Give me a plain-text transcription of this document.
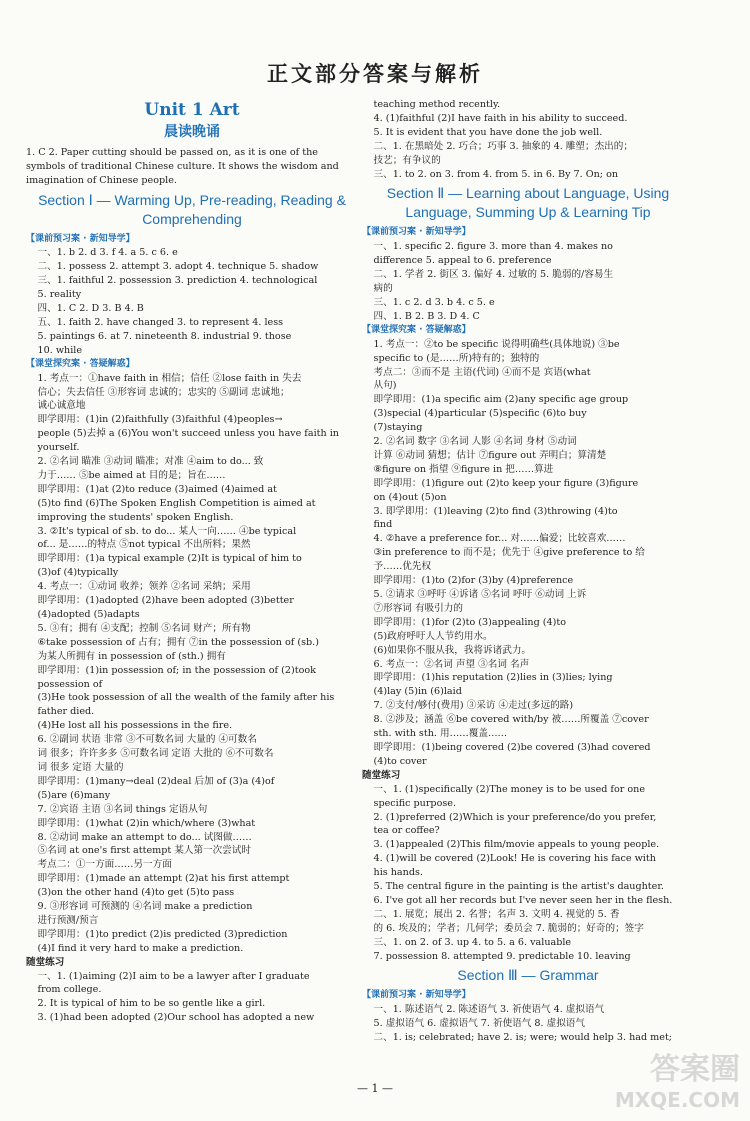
正文部分答案与解析
Unit 1 Art
晨读晚诵

1. C 2. Paper cutting should be passed on, as it is one of the symbols of traditional Chinese culture. It shows the wisdom and imagination of Chinese people.

Section Ⅰ — Warming Up, Pre-reading, Reading & Comprehending
【课前预习案 · 新知导学】

一、1. b 2. d 3. f 4. a 5. c 6. e

二、1. possess 2. attempt 3. adopt 4. technique 5. shadow

三、1. faithful 2. possession 3. prediction 4. technological

5. reality

四、1. C 2. D 3. B 4. B

五、1. faith 2. have changed 3. to represent 4. less

5. paintings 6. at 7. nineteenth 8. industrial 9. those

10. while

【课堂探究案 · 答疑解惑】

1. 考点一：①have faith in 相信；信任 ②lose faith in 失去

信心；失去信任 ③形容词 忠诚的；忠实的 ⑤副词 忠诚地；

诚心诚意地

即学即用：(1)in (2)faithfully (3)faithful (4)peoples→

people (5)去掉 a (6)You won't succeed unless you have faith in

yourself.

2. ②名词 瞄准 ③动词 瞄准；对准 ④aim to do... 致

力于…… ⑤be aimed at 目的是；旨在……

即学即用：(1)at (2)to reduce (3)aimed (4)aimed at

(5)to find (6)The Spoken English Competition is aimed at

improving the students' spoken English.

3. ②It's typical of sb. to do... 某人一向…… ④be typical

of... 是……的特点 ⑤not typical 不出所料；果然

即学即用：(1)a typical example (2)It is typical of him to

(3)of (4)typically

4. 考点一：①动词 收养；领养 ②名词 采纳；采用

即学即用：(1)adopted (2)have been adopted (3)better

(4)adopted (5)adapts

5. ③有；拥有 ④支配；控制 ⑤名词 财产；所有物

⑥take possession of 占有；拥有 ⑦in the possession of (sb.)

为某人所拥有 in possession of (sth.) 拥有

即学即用：(1)in possession of; in the possession of (2)took

possession of

(3)He took possession of all the wealth of the family after his

father died.

(4)He lost all his possessions in the fire.

6. ②副词 状语 非常 ③不可数名词 大量的 ④可数名

词 很多；许许多多 ⑤可数名词 定语 大批的 ⑥不可数名

词 很多 定语 大量的

即学即用：(1)many→deal (2)deal 后加 of (3)a (4)of

(5)are (6)many

7. ②宾语 主语 ③名词 things 定语从句

即学即用：(1)what (2)in which/where (3)what

8. ②动词 make an attempt to do... 试图做……

⑤名词 at one's first attempt 某人第一次尝试时

考点二：①一方面……另一方面

即学即用：(1)made an attempt (2)at his first attempt

(3)on the other hand (4)to get (5)to pass

9. ③形容词 可预测的 ④名词 make a prediction

进行预测/预言

即学即用：(1)to predict (2)is predicted (3)prediction

(4)I find it very hard to make a prediction.

随堂练习

一、1. (1)aiming (2)I aim to be a lawyer after I graduate

from college.

2. It is typical of him to be so gentle like a girl.

3. (1)had been adopted (2)Our school has adopted a new

teaching method recently.

4. (1)faithful (2)I have faith in his ability to succeed.

5. It is evident that you have done the job well.

二、1. 在黑暗处 2. 巧合；巧事 3. 抽象的 4. 雕塑；杰出的；

技艺；有争议的

三、1. to 2. on 3. from 4. from 5. in 6. By 7. On; on

Section Ⅱ — Learning about Language, Using Language, Summing Up & Learning Tip
【课前预习案 · 新知导学】

一、1. specific 2. figure 3. more than 4. makes no

difference 5. appeal to 6. preference

二、1. 学者 2. 街区 3. 偏好 4. 过敏的 5. 脆弱的/容易生

病的

三、1. c 2. d 3. b 4. c 5. e

四、1. B 2. B 3. D 4. C

【课堂探究案 · 答疑解惑】

1. 考点一：②to be specific 说得明确些(具体地说) ③be

specific to (是……所)特有的；独特的

考点二：③而不是 主语(代词) ④而不是 宾语(what

从句)

即学即用：(1)a specific aim (2)any specific age group

(3)special (4)particular (5)specific (6)to buy

(7)staying

2. ②名词 数字 ③名词 人影 ④名词 身材 ⑤动词

计算 ⑥动词 猜想；估计 ⑦figure out 弄明白；算清楚

⑧figure on 指望 ⑨figure in 把……算进

即学即用：(1)figure out (2)to keep your figure (3)figure

on (4)out (5)on

3. 即学即用：(1)leaving (2)to find (3)throwing (4)to

find

4. ②have a preference for... 对……偏爱；比较喜欢……

③in preference to 而不是；优先于 ④give preference to 给

予……优先权

即学即用：(1)to (2)for (3)by (4)preference

5. ②请求 ③呼吁 ④诉诸 ⑤名词 呼吁 ⑥动词 上诉

⑦形容词 有吸引力的

即学即用：(1)for (2)to (3)appealing (4)to

(5)政府呼吁人人节约用水。

(6)如果你不服从我，我将诉诸武力。

6. 考点一：②名词 声望 ③名词 名声

即学即用：(1)his reputation (2)lies in (3)lies; lying

(4)lay (5)in (6)laid

7. ②支付/够付(费用) ③采访 ④走过(多远的路)

8. ②涉及；涵盖 ⑥be covered with/by 被……所覆盖 ⑦cover

sth. with sth. 用……覆盖……

即学即用：(1)being covered (2)be covered (3)had covered

(4)to cover

随堂练习

一、1. (1)specifically (2)The money is to be used for one

specific purpose.

2. (1)preferred (2)Which is your preference/do you prefer,

tea or coffee?

3. (1)appealed (2)This film/movie appeals to young people.

4. (1)will be covered (2)Look! He is covering his face with

his hands.

5. The central figure in the painting is the artist's daughter.

6. I've got all her records but I've never seen her in the flesh.

二、1. 展览；展出 2. 名誉；名声 3. 文明 4. 视觉的 5. 香

的 6. 埃及的；学者；几何学；委员会 7. 脆弱的；好奇的；签字

三、1. on 2. of 3. up 4. to 5. a 6. valuable

7. possession 8. attempted 9. predictable 10. leaving

Section Ⅲ — Grammar
【课前预习案 · 新知导学】

一、1. 陈述语气 2. 陈述语气 3. 祈使语气 4. 虚拟语气

5. 虚拟语气 6. 虚拟语气 7. 祈使语气 8. 虚拟语气

二、1. is; celebrated; have 2. is; were; would help 3. had met;

— 1 —
答案圈
MXQE.COM
